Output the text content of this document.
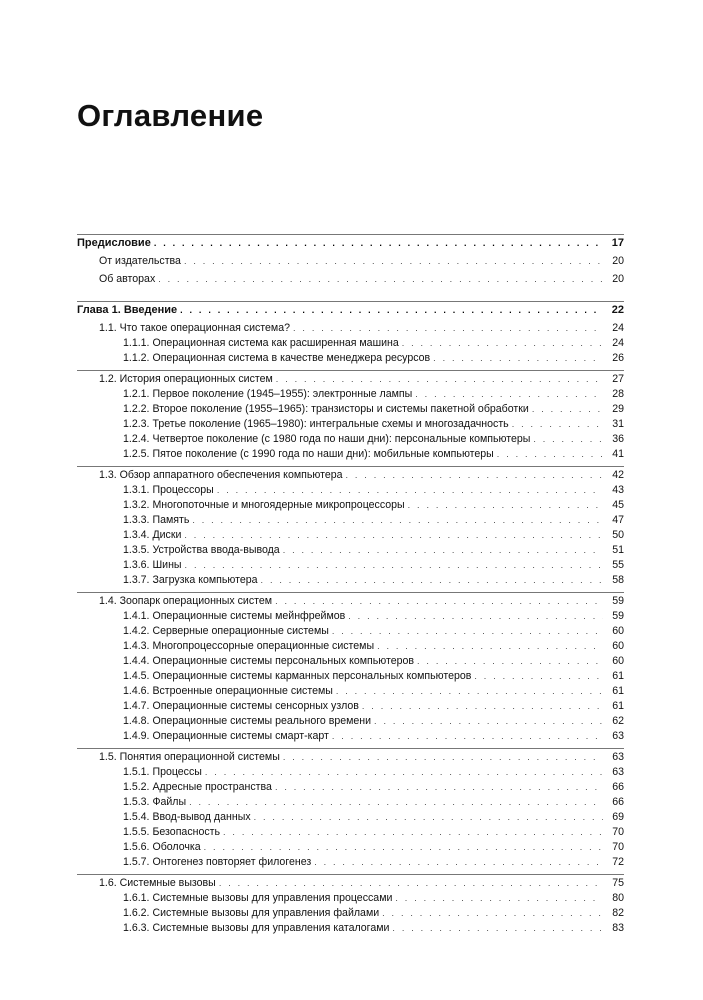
Оглавление
Предисловие . . .	17
От издательства . . .	20
Об авторах . . .	20
Глава 1. Введение . . .	22
1.1. Что такое операционная система? . . .	24
1.1.1. Операционная система как расширенная машина . . .	24
1.1.2. Операционная система в качестве менеджера ресурсов . . .	26
1.2. История операционных систем . . .	27
1.2.1. Первое поколение (1945–1955): электронные лампы . . .	28
1.2.2. Второе поколение (1955–1965): транзисторы и системы пакетной обработки . . .	29
1.2.3. Третье поколение (1965–1980): интегральные схемы и многозадачность . . .	31
1.2.4. Четвертое поколение (с 1980 года по наши дни): персональные компьютеры . . .	36
1.2.5. Пятое поколение (с 1990 года по наши дни): мобильные компьютеры . . .	41
1.3. Обзор аппаратного обеспечения компьютера . . .	42
1.3.1. Процессоры . . .	43
1.3.2. Многопоточные и многоядерные микропроцессоры . . .	45
1.3.3. Память . . .	47
1.3.4. Диски . . .	50
1.3.5. Устройства ввода-вывода . . .	51
1.3.6. Шины . . .	55
1.3.7. Загрузка компьютера . . .	58
1.4. Зоопарк операционных систем . . .	59
1.4.1. Операционные системы мейнфреймов . . .	59
1.4.2. Серверные операционные системы . . .	60
1.4.3. Многопроцессорные операционные системы . . .	60
1.4.4. Операционные системы персональных компьютеров . . .	60
1.4.5. Операционные системы карманных персональных компьютеров . . .	61
1.4.6. Встроенные операционные системы . . .	61
1.4.7. Операционные системы сенсорных узлов . . .	61
1.4.8. Операционные системы реального времени . . .	62
1.4.9. Операционные системы смарт-карт . . .	63
1.5. Понятия операционной системы . . .	63
1.5.1. Процессы . . .	63
1.5.2. Адресные пространства . . .	66
1.5.3. Файлы . . .	66
1.5.4. Ввод-вывод данных . . .	69
1.5.5. Безопасность . . .	70
1.5.6. Оболочка . . .	70
1.5.7. Онтогенез повторяет филогенез . . .	72
1.6. Системные вызовы . . .	75
1.6.1. Системные вызовы для управления процессами . . .	80
1.6.2. Системные вызовы для управления файлами . . .	82
1.6.3. Системные вызовы для управления каталогами . . .	83
